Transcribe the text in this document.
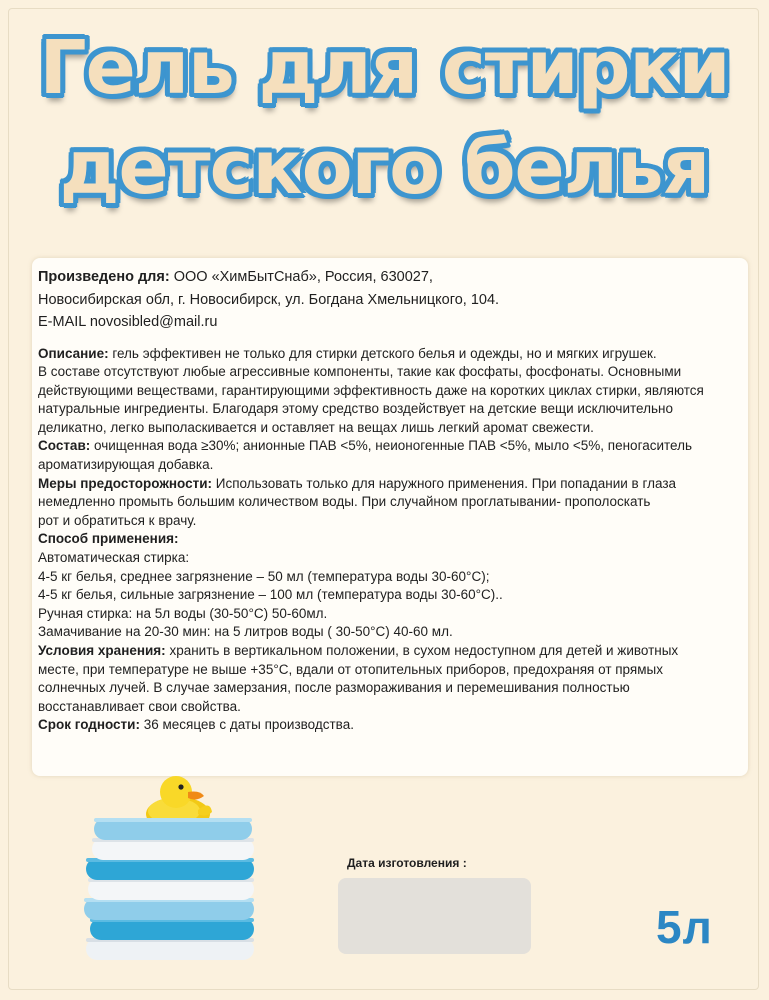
Гель для стирки
детского белья
Произведено для: ООО «ХимБытСнаб», Россия, 630027,
Новосибирская обл, г. Новосибирск, ул. Богдана Хмельницкого, 104.
E-MAIL novosibled@mail.ru
Описание: гель эффективен не только для стирки детского белья и одежды, но и мягких игрушек.
В составе отсутствуют любые агрессивные компоненты, такие как фосфаты, фосфонаты. Основными
действующими веществами, гарантирующими эффективность даже на коротких циклах стирки, являются
натуральные ингредиенты. Благодаря этому средство воздействует на детские вещи исключительно
деликатно, легко выполаскивается и оставляет на вещах лишь легкий аромат свежести.
Состав: очищенная вода ≥30%; анионные ПАВ <5%, неионогенные ПАВ <5%, мыло <5%, пеногаситель
ароматизирующая добавка.
Меры предосторожности: Использовать только для наружного применения. При попадании в глаза
немедленно промыть большим количеством воды. При случайном проглатывании- прополоскать
рот и обратиться к врачу.
Способ применения:
Автоматическая стирка:
4-5 кг белья, среднее загрязнение – 50 мл (температура воды 30-60°С);
4-5 кг белья, сильные загрязнение – 100 мл (температура воды 30-60°С)..
Ручная стирка: на 5л воды (30-50°С) 50-60мл.
Замачивание на 20-30 мин: на 5 литров воды ( 30-50°С) 40-60 мл.
Условия хранения: хранить в вертикальном положении, в сухом недоступном для детей и животных
месте, при температуре не выше +35°С, вдали от отопительных приборов, предохраняя от прямых
солнечных лучей. В случае замерзания, после размораживания и перемешивания полностью
восстанавливает свои свойства.
Срок годности: 36 месяцев с даты производства.
Дата изготовления :
5л
